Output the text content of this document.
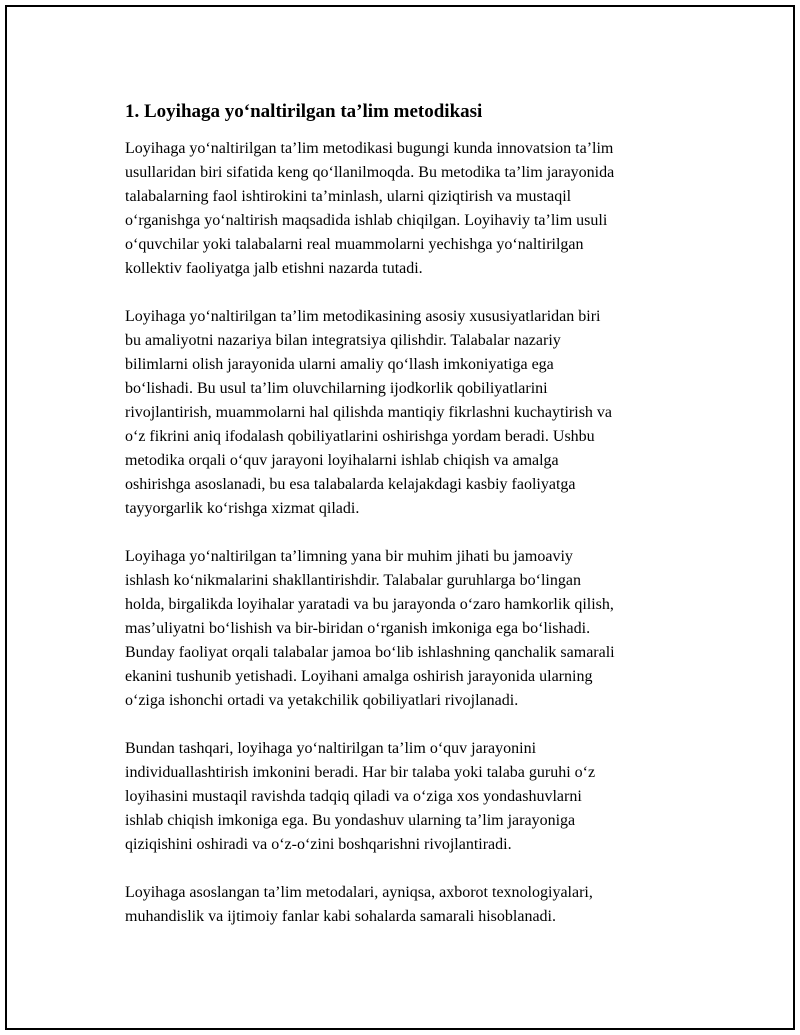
1. Loyihaga yo‘naltirilgan ta’lim metodikasi

Loyihaga yo‘naltirilgan ta’lim metodikasi bugungi kunda innovatsion ta’lim
usullaridan biri sifatida keng qo‘llanilmoqda. Bu metodika ta’lim jarayonida
talabalarning faol ishtirokini ta’minlash, ularni qiziqtirish va mustaqil
o‘rganishga yo‘naltirish maqsadida ishlab chiqilgan. Loyihaviy ta’lim usuli
o‘quvchilar yoki talabalarni real muammolarni yechishga yo‘naltirilgan
kollektiv faoliyatga jalb etishni nazarda tutadi.

Loyihaga yo‘naltirilgan ta’lim metodikasining asosiy xususiyatlaridan biri
bu amaliyotni nazariya bilan integratsiya qilishdir. Talabalar nazariy
bilimlarni olish jarayonida ularni amaliy qo‘llash imkoniyatiga ega
bo‘lishadi. Bu usul ta’lim oluvchilarning ijodkorlik qobiliyatlarini
rivojlantirish, muammolarni hal qilishda mantiqiy fikrlashni kuchaytirish va
o‘z fikrini aniq ifodalash qobiliyatlarini oshirishga yordam beradi. Ushbu
metodika orqali o‘quv jarayoni loyihalarni ishlab chiqish va amalga
oshirishga asoslanadi, bu esa talabalarda kelajakdagi kasbiy faoliyatga
tayyorgarlik ko‘rishga xizmat qiladi.

Loyihaga yo‘naltirilgan ta’limning yana bir muhim jihati bu jamoaviy
ishlash ko‘nikmalarini shakllantirishdir. Talabalar guruhlarga bo‘lingan
holda, birgalikda loyihalar yaratadi va bu jarayonda o‘zaro hamkorlik qilish,
mas’uliyatni bo‘lishish va bir-biridan o‘rganish imkoniga ega bo‘lishadi.
Bunday faoliyat orqali talabalar jamoa bo‘lib ishlashning qanchalik samarali
ekanini tushunib yetishadi. Loyihani amalga oshirish jarayonida ularning
o‘ziga ishonchi ortadi va yetakchilik qobiliyatlari rivojlanadi.

Bundan tashqari, loyihaga yo‘naltirilgan ta’lim o‘quv jarayonini
individuallashtirish imkonini beradi. Har bir talaba yoki talaba guruhi o‘z
loyihasini mustaqil ravishda tadqiq qiladi va o‘ziga xos yondashuvlarni
ishlab chiqish imkoniga ega. Bu yondashuv ularning ta’lim jarayoniga
qiziqishini oshiradi va o‘z-o‘zini boshqarishni rivojlantiradi.

Loyihaga asoslangan ta’lim metodalari, ayniqsa, axborot texnologiyalari,
muhandislik va ijtimoiy fanlar kabi sohalarda samarali hisoblanadi.
